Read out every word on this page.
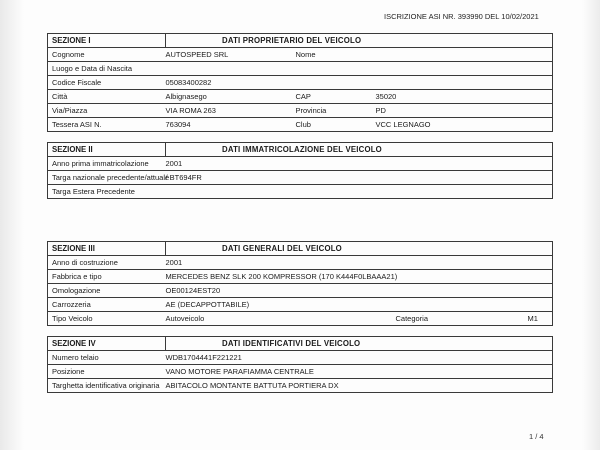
ISCRIZIONE ASI NR. 393990 DEL 10/02/2021
SEZIONE I	DATI PROPRIETARIO DEL VEICOLO		
Cognome	AUTOSPEED SRL	Nome	
Luogo e Data di Nascita			
Codice Fiscale	05083400282		
Città	Albignasego	CAP	35020
Via/Piazza	VIA ROMA 263	Provincia	PD
Tessera ASI N.	763094	Club	VCC LEGNAGO
SEZIONE II	DATI IMMATRICOLAZIONE DEL VEICOLO		
Anno prima immatricolazione	2001		
Targa nazionale precedente/attuale	/ BT694FR		
Targa Estera Precedente			
SEZIONE III	DATI GENERALI DEL VEICOLO		
Anno di costruzione	2001		
Fabbrica e tipo	MERCEDES BENZ SLK 200 KOMPRESSOR (170 K444F0LBAAA21)		
Omologazione	OE00124EST20		
Carrozzeria	AE (DECAPPOTTABILE)		
Tipo Veicolo	Autoveicolo	Categoria	M1
SEZIONE IV	DATI IDENTIFICATIVI DEL VEICOLO		
Numero telaio	WDB1704441F221221		
Posizione	VANO MOTORE PARAFIAMMA CENTRALE		
Targhetta identificativa originaria	ABITACOLO MONTANTE BATTUTA PORTIERA DX		
1 / 4
